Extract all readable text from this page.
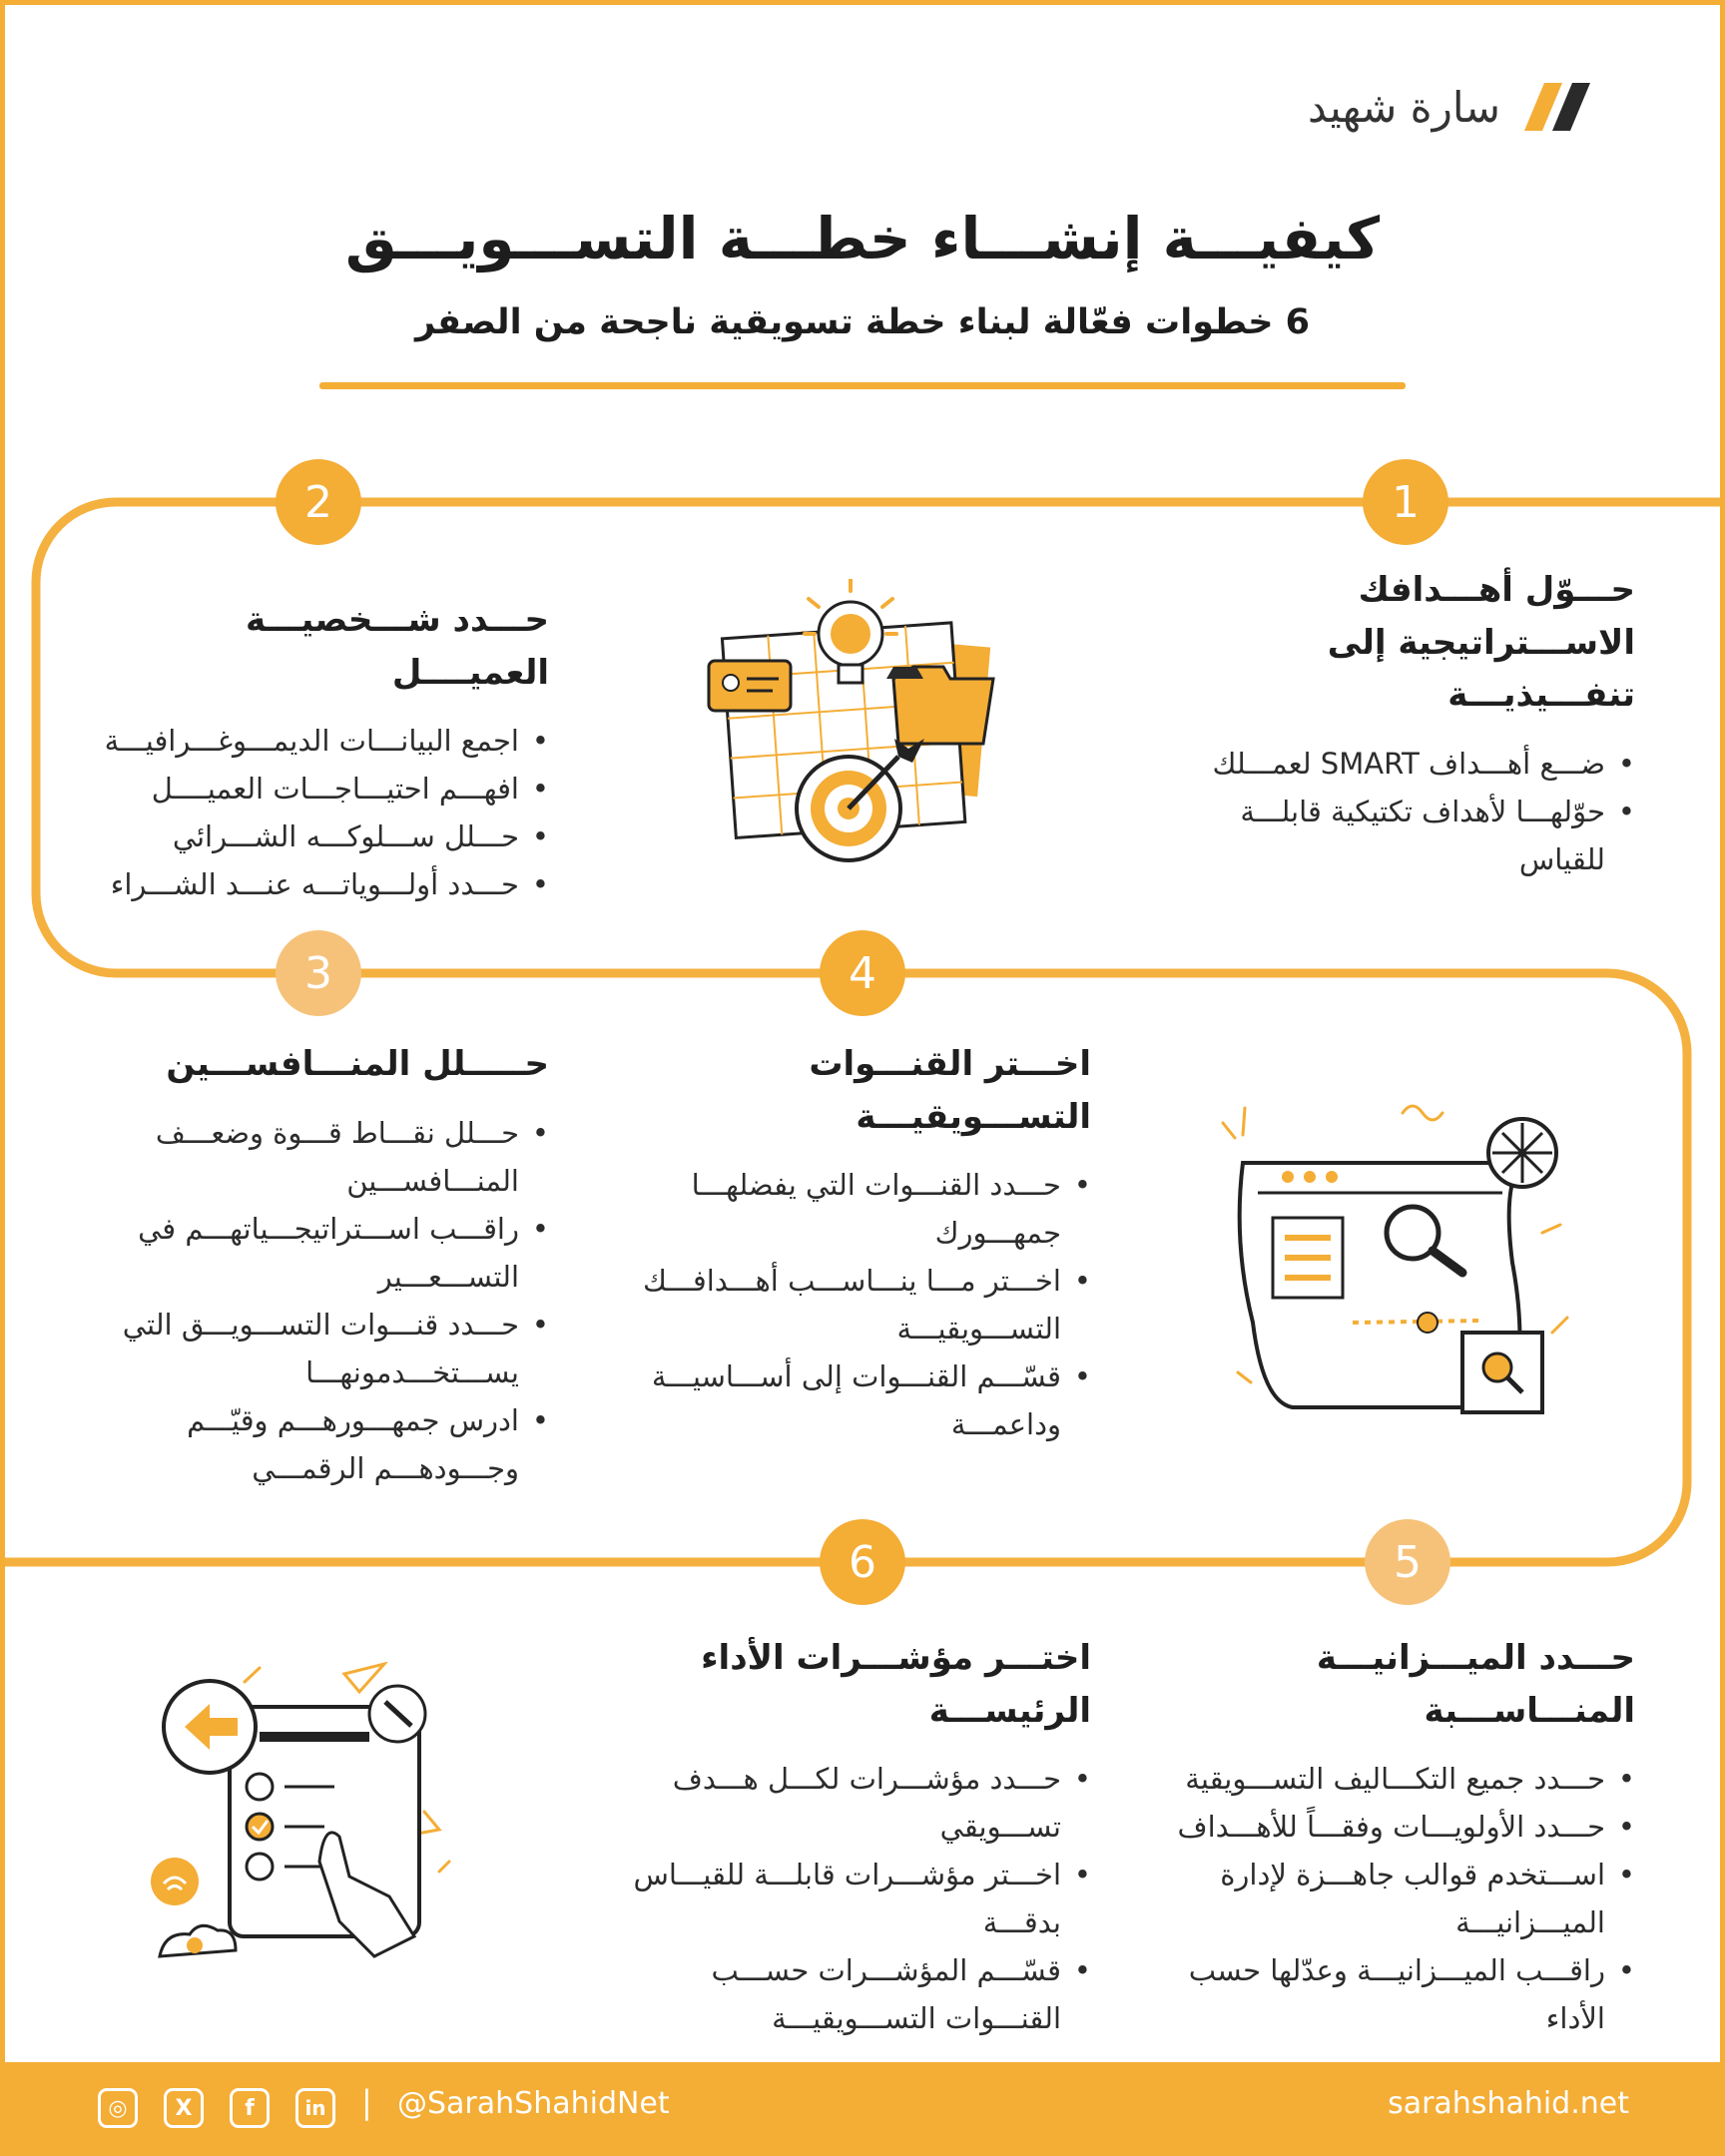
سارة شهيد
كيفيـــة إنشـــاء خطـــة التســـويـــق
6 خطوات فعّالة لبناء خطة تسويقية ناجحة من الصفر
1
2
3	4
5
6
حـــوّل أهـــدافك الاســـتراتيجية إلى تنفـــيذيـــة
• ضـــع أهـــداف SMART لعمـــلك
• حوّلهـــا لأهداف تكتيكية قابلـــة للقياس
حـــدد شـــخصيـــة العميــــل
• اجمع البيانـــات الديمـــوغـــرافيـــة
• افهـــم احتيـــاجـــات العميــــل
• حـــلل ســـلوكـــه الشـــرائي
• حـــدد أولـــوياتـــه عنـــد الشـــراء
حـــــلل المنـــافســـين
• حـــلل نقـــاط قـــوة وضعـــف المنـــافســـين
• راقـــب اســـتراتيجـــياتهـــم في التســـعـــير
• حـــدد قنـــوات التســـويـــق التي يســـتخـــدمونهـــا
• ادرس جمهـــورهـــم وقيّـــم وجـــودهـــم الرقمـــي
اخـــتر القنـــوات التســـويقيـــة
• حـــدد القنـــوات التي يفضلهـــا جمهـــورك
• اخـــتر مـــا ينـــاســـب أهـــدافـــك التســـويقيـــة
• قسّـــم القنـــوات إلى أســـاسيـــة وداعمـــة
حـــدد الميـــزانيـــة المنـــاســـبة
• حـــدد جميع التكـــاليف التســـويقية
• حـــدد الأولويـــات وفقـــاً للأهـــداف
• اســـتخدم قوالب جاهـــزة لإدارة الميـــزانيـــة
• راقـــب الميـــزانيـــة وعدّلها حسب الأداء
اختـــر مؤشـــرات الأداء الرئيســـة
• حـــدد مؤشـــرات لكـــل هـــدف تســـويقي
• اخـــتر مؤشـــرات قابلـــة للقيـــاس بدقـــة
• قسّـــم المؤشـــرات حســـب القنـــوات التســـويقيـــة
sarahshahid.net
@SarahShahidNet
|
◎	X	f	in
